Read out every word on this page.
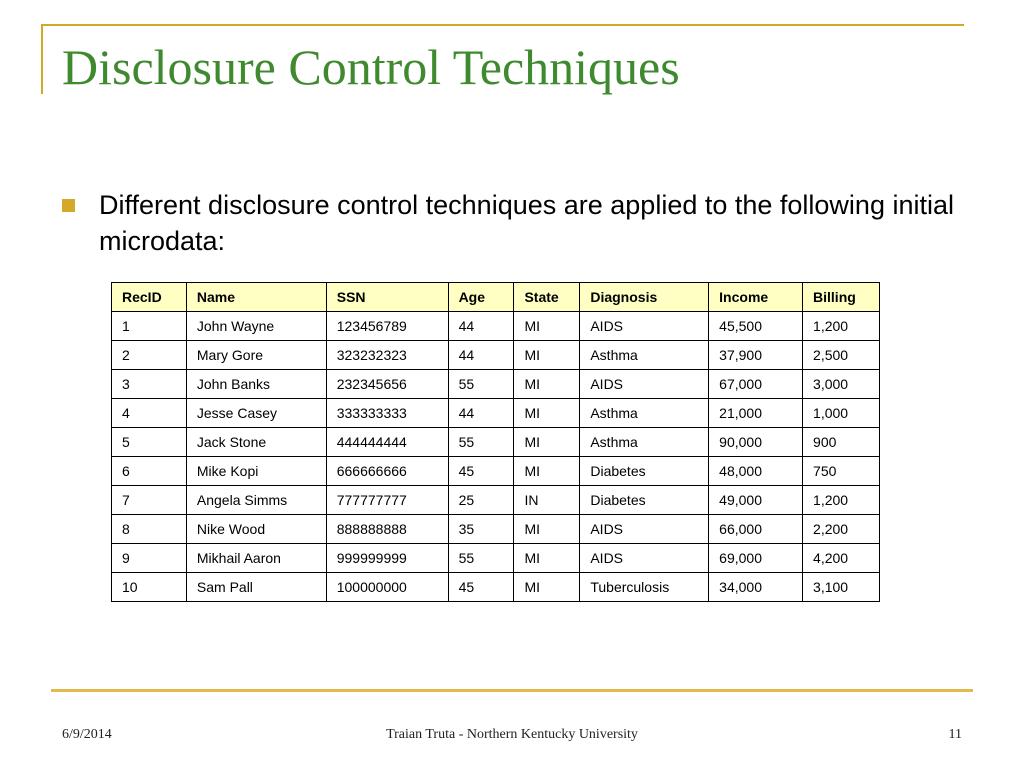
Disclosure Control Techniques
Different disclosure control techniques are applied to the following initial microdata:
RecID	Name	SSN	Age	State	Diagnosis	Income	Billing
1	John Wayne	123456789	44	MI	AIDS	45,500	1,200
2	Mary Gore	323232323	44	MI	Asthma	37,900	2,500
3	John Banks	232345656	55	MI	AIDS	67,000	3,000
4	Jesse Casey	333333333	44	MI	Asthma	21,000	1,000
5	Jack Stone	444444444	55	MI	Asthma	90,000	900
6	Mike Kopi	666666666	45	MI	Diabetes	48,000	750
7	Angela Simms	777777777	25	IN	Diabetes	49,000	1,200
8	Nike Wood	888888888	35	MI	AIDS	66,000	2,200
9	Mikhail Aaron	999999999	55	MI	AIDS	69,000	4,200
10	Sam Pall	100000000	45	MI	Tuberculosis	34,000	3,100
6/9/2014	Traian Truta - Northern Kentucky University	11
